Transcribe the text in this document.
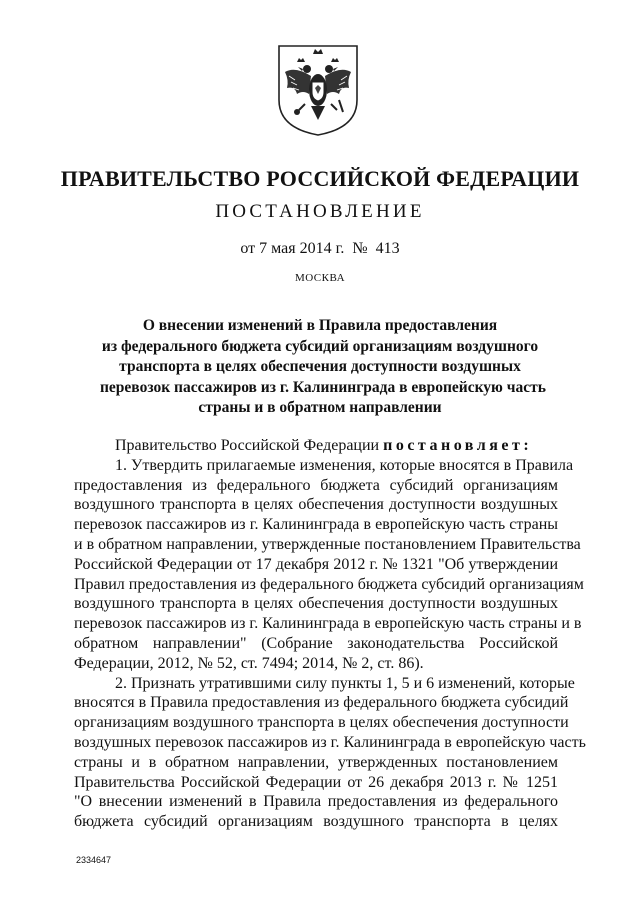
ПРАВИТЕЛЬСТВО РОССИЙСКОЙ ФЕДЕРАЦИИ
ПОСТАНОВЛЕНИЕ

от 7 мая 2014 г.  №  413

МОСКВА

О внесении изменений в Правила предоставления
из федерального бюджета субсидий организациям воздушного
транспорта в целях обеспечения доступности воздушных
перевозок пассажиров из г. Калининграда в европейскую часть
страны и в обратном направлении

Правительство Российской Федерации постановляет:
1. Утвердить прилагаемые изменения, которые вносятся в Правила
предоставления из федерального бюджета субсидий организациям
воздушного транспорта в целях обеспечения доступности воздушных
перевозок пассажиров из г. Калининграда в европейскую часть страны
и в обратном направлении, утвержденные постановлением Правительства
Российской Федерации от 17 декабря 2012 г. № 1321 "Об утверждении
Правил предоставления из федерального бюджета субсидий организациям
воздушного транспорта в целях обеспечения доступности воздушных
перевозок пассажиров из г. Калининграда в европейскую часть страны и в
обратном направлении" (Собрание законодательства Российской
Федерации, 2012, № 52, ст. 7494; 2014, № 2, ст. 86).
2. Признать утратившими силу пункты 1, 5 и 6 изменений, которые
вносятся в Правила предоставления из федерального бюджета субсидий
организациям воздушного транспорта в целях обеспечения доступности
воздушных перевозок пассажиров из г. Калининграда в европейскую часть
страны и в обратном направлении, утвержденных постановлением
Правительства Российской Федерации от 26 декабря 2013 г. № 1251
"О внесении изменений в Правила предоставления из федерального
бюджета субсидий организациям воздушного транспорта в целях

2334647
